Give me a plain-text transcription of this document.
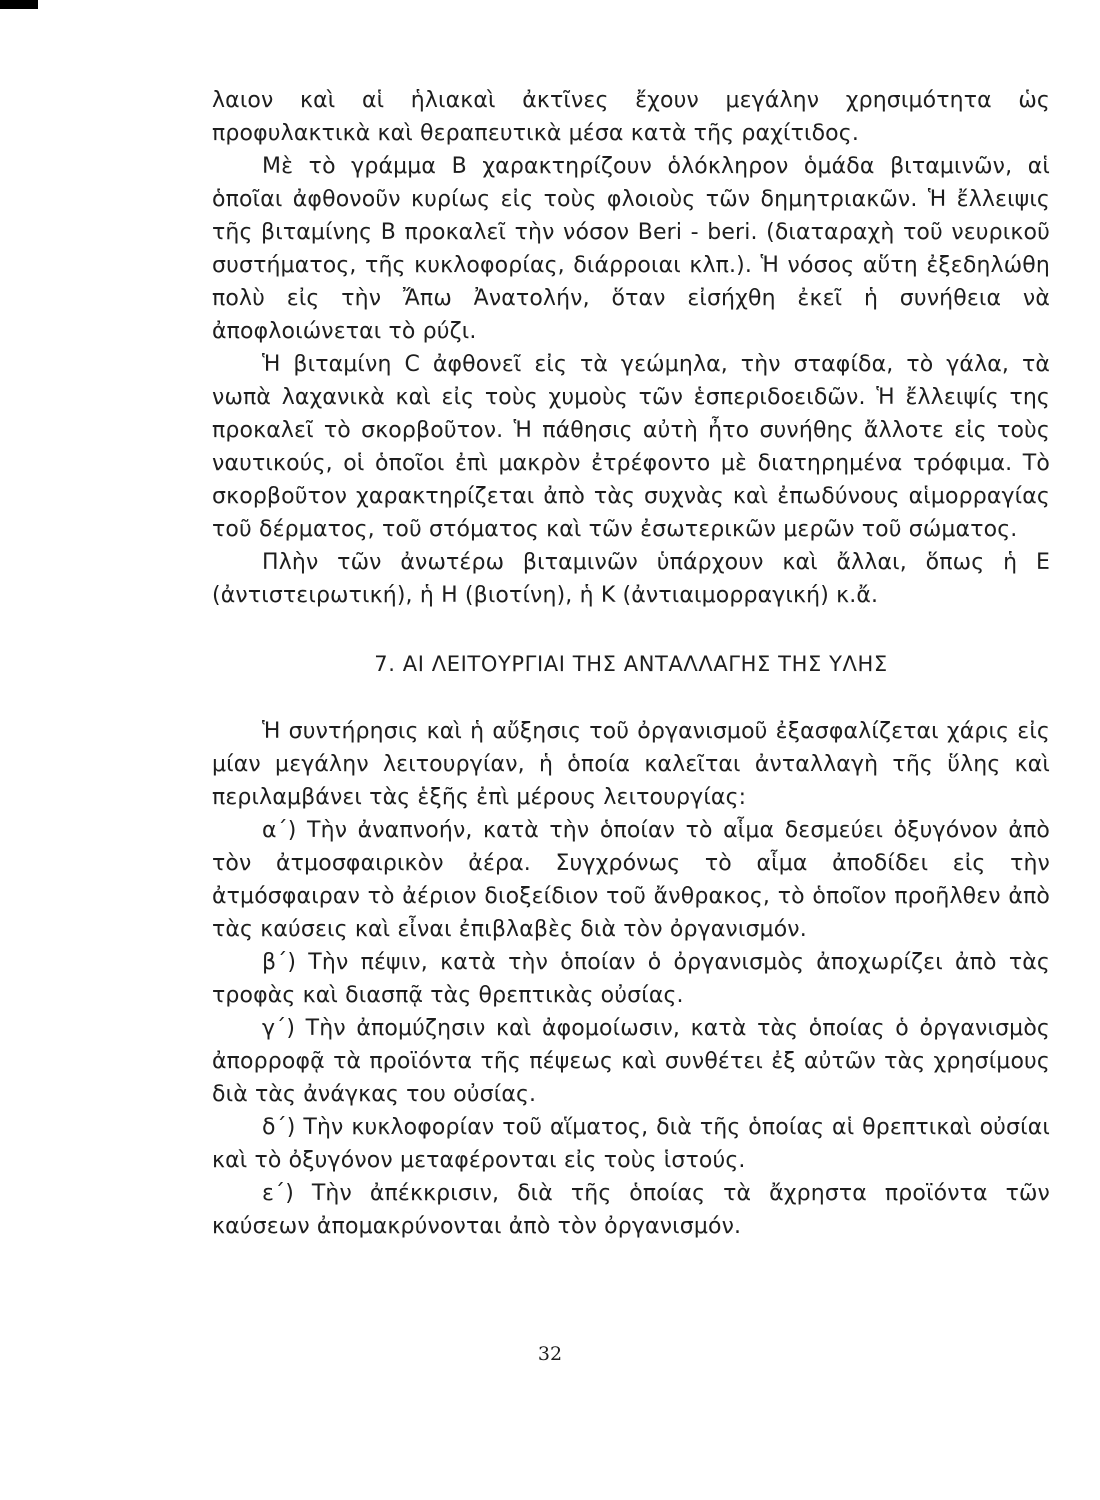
λαιον καὶ αἱ ἡλιακαὶ ἀκτῖνες ἔχουν μεγάλην χρησιμότητα ὡς προφυλακτικὰ καὶ θεραπευτικὰ μέσα κατὰ τῆς ραχίτιδος.

Μὲ τὸ γράμμα Β χαρακτηρίζουν ὁλόκληρον ὁμάδα βιταμινῶν, αἱ ὁποῖαι ἀφθονοῦν κυρίως εἰς τοὺς φλοιοὺς τῶν δημητριακῶν. Ἡ ἔλλειψις τῆς βιταμίνης Β προκαλεῖ τὴν νόσον Beri - beri. (διαταραχὴ τοῦ νευρικοῦ συστήματος, τῆς κυκλοφορίας, διάρροιαι κλπ.). Ἡ νόσος αὕτη ἐξεδηλώθη πολὺ εἰς τὴν Ἄπω Ἀνατολήν, ὅταν εἰσήχθη ἐκεῖ ἡ συνήθεια νὰ ἀποφλοιώνεται τὸ ρύζι.

Ἡ βιταμίνη C ἀφθονεῖ εἰς τὰ γεώμηλα, τὴν σταφίδα, τὸ γάλα, τὰ νωπὰ λαχανικὰ καὶ εἰς τοὺς χυμοὺς τῶν ἑσπεριδοειδῶν. Ἡ ἔλλειψίς της προκαλεῖ τὸ σκορβοῦτον. Ἡ πάθησις αὐτὴ ἦτο συνήθης ἄλλοτε εἰς τοὺς ναυτικούς, οἱ ὁποῖοι ἐπὶ μακρὸν ἐτρέφοντο μὲ διατηρημένα τρόφιμα. Τὸ σκορβοῦτον χαρακτηρίζεται ἀπὸ τὰς συχνὰς καὶ ἐπωδύνους αἱμορραγίας τοῦ δέρματος, τοῦ στόματος καὶ τῶν ἐσωτερικῶν μερῶν τοῦ σώματος.

Πλὴν τῶν ἀνωτέρω βιταμινῶν ὑπάρχουν καὶ ἄλλαι, ὅπως ἡ Ε (ἀντιστειρωτική), ἡ Η (βιοτίνη), ἡ Κ (ἀντιαιμορραγική) κ.ἄ.

7. ΑΙ ΛΕΙΤΟΥΡΓΙΑΙ ΤΗΣ ΑΝΤΑΛΛΑΓΗΣ ΤΗΣ ΥΛΗΣ

Ἡ συντήρησις καὶ ἡ αὔξησις τοῦ ὀργανισμοῦ ἐξασφαλίζεται χάρις εἰς μίαν μεγάλην λειτουργίαν, ἡ ὁποία καλεῖται ἀνταλλαγὴ τῆς ὕλης καὶ περιλαμβάνει τὰς ἑξῆς ἐπὶ μέρους λειτουργίας:

α´) Τὴν ἀναπνοήν, κατὰ τὴν ὁποίαν τὸ αἷμα δεσμεύει ὀξυγόνον ἀπὸ τὸν ἀτμοσφαιρικὸν ἀέρα. Συγχρόνως τὸ αἷμα ἀποδίδει εἰς τὴν ἀτμόσφαιραν τὸ ἀέριον διοξείδιον τοῦ ἄνθρακος, τὸ ὁποῖον προῆλθεν ἀπὸ τὰς καύσεις καὶ εἶναι ἐπιβλαβὲς διὰ τὸν ὀργανισμόν.

β´) Τὴν πέψιν, κατὰ τὴν ὁποίαν ὁ ὀργανισμὸς ἀποχωρίζει ἀπὸ τὰς τροφὰς καὶ διασπᾷ τὰς θρεπτικὰς οὐσίας.

γ´) Τὴν ἀπομύζησιν καὶ ἀφομοίωσιν, κατὰ τὰς ὁποίας ὁ ὀργανισμὸς ἀπορροφᾷ τὰ προϊόντα τῆς πέψεως καὶ συνθέτει ἐξ αὐτῶν τὰς χρησίμους διὰ τὰς ἀνάγκας του οὐσίας.

δ´) Τὴν κυκλοφορίαν τοῦ αἵματος, διὰ τῆς ὁποίας αἱ θρεπτικαὶ οὐσίαι καὶ τὸ ὀξυγόνον μεταφέρονται εἰς τοὺς ἱστούς.

ε´) Τὴν ἀπέκκρισιν, διὰ τῆς ὁποίας τὰ ἄχρηστα προϊόντα τῶν καύσεων ἀπομακρύνονται ἀπὸ τὸν ὀργανισμόν.

32
